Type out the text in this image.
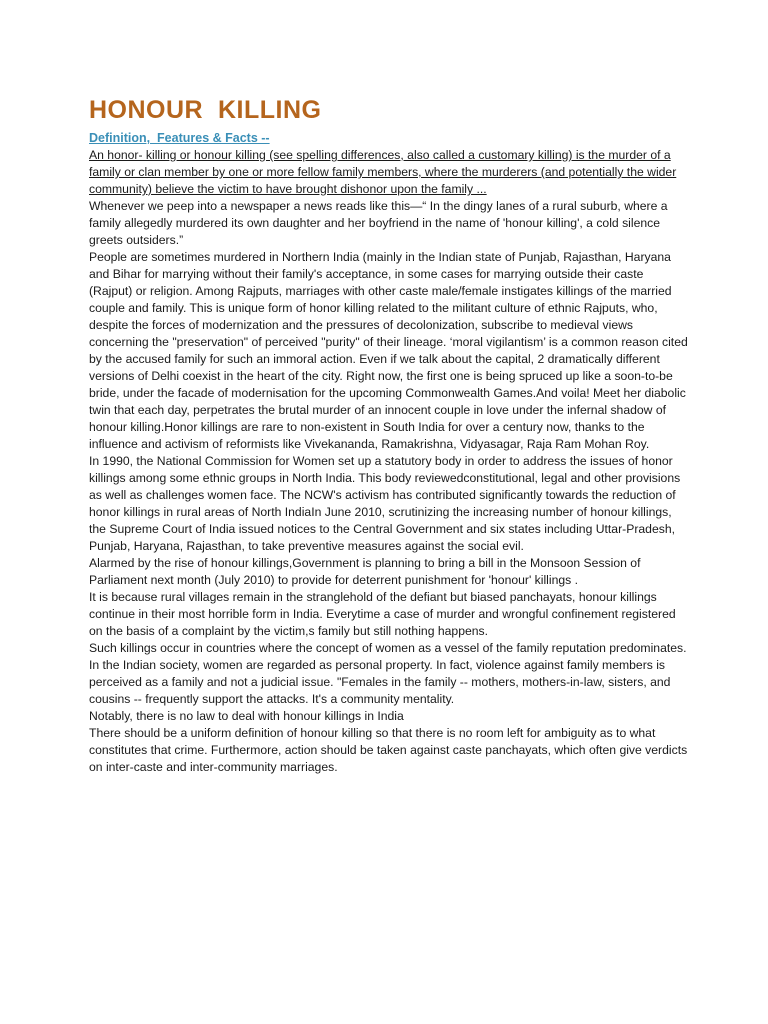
HONOUR  KILLING

Definition,  Features & Facts --

An honor- killing or honour killing (see spelling differences, also called a customary killing) is the murder of a family or clan member by one or more fellow family members, where the murderers (and potentially the wider community) believe the victim to have brought dishonor upon the family ...

Whenever we peep into a newspaper a news reads like this—“ In the dingy lanes of a rural suburb, where a family allegedly murdered its own daughter and her boyfriend in the name of 'honour killing', a cold silence greets outsiders.”

People are sometimes murdered in Northern India (mainly in the Indian state of Punjab, Rajasthan, Haryana and Bihar for marrying without their family's acceptance, in some cases for marrying outside their caste (Rajput) or religion. Among Rajputs, marriages with other caste male/female instigates killings of the married couple and family. This is unique form of honor killing related to the militant culture of ethnic Rajputs, who, despite the forces of modernization and the pressures of decolonization, subscribe to medieval views concerning the "preservation" of perceived "purity" of their lineage. ‘moral vigilantism’ is a common reason cited by the accused family for such an immoral action. Even if we talk about the capital, 2 dramatically different versions of Delhi coexist in the heart of the city. Right now, the first one is being spruced up like a soon-to-be bride, under the facade of modernisation for the upcoming Commonwealth Games.And voila! Meet her diabolic twin that each day, perpetrates the brutal murder of an innocent couple in love under the infernal shadow of honour killing.Honor killings are rare to non-existent in South India for over a century now, thanks to the influence and activism of reformists like Vivekananda, Ramakrishna, Vidyasagar, Raja Ram Mohan Roy.

In 1990, the National Commission for Women set up a statutory body in order to address the issues of honor killings among some ethnic groups in North India. This body reviewedconstitutional, legal and other provisions as well as challenges women face. The NCW's activism has contributed significantly towards the reduction of honor killings in rural areas of North IndiaIn June 2010, scrutinizing the increasing number of honour killings, the Supreme Court of India issued notices to the Central Government and six states including Uttar-Pradesh, Punjab, Haryana, Rajasthan, to take preventive measures against the social evil.

Alarmed by the rise of honour killings,Government is planning to bring a bill in the Monsoon Session of Parliament next month (July 2010) to provide for deterrent punishment for 'honour' killings .

It is because rural villages remain in the stranglehold of the defiant but biased panchayats, honour killings continue in their most horrible form in India. Everytime a case of murder and wrongful confinement registered on the basis of a complaint by the victim,s family but still nothing happens.

Such killings occur in countries where the concept of women as a vessel of the family reputation predominates.

In the Indian society, women are regarded as personal property. In fact, violence against family members is perceived as a family and not a judicial issue. "Females in the family -- mothers, mothers-in-law, sisters, and cousins -- frequently support the attacks. It's a community mentality.

Notably, there is no law to deal with honour killings in India

There should be a uniform definition of honour killing so that there is no room left for ambiguity as to what constitutes that crime. Furthermore, action should be taken against caste panchayats, which often give verdicts on inter-caste and inter-community marriages.
